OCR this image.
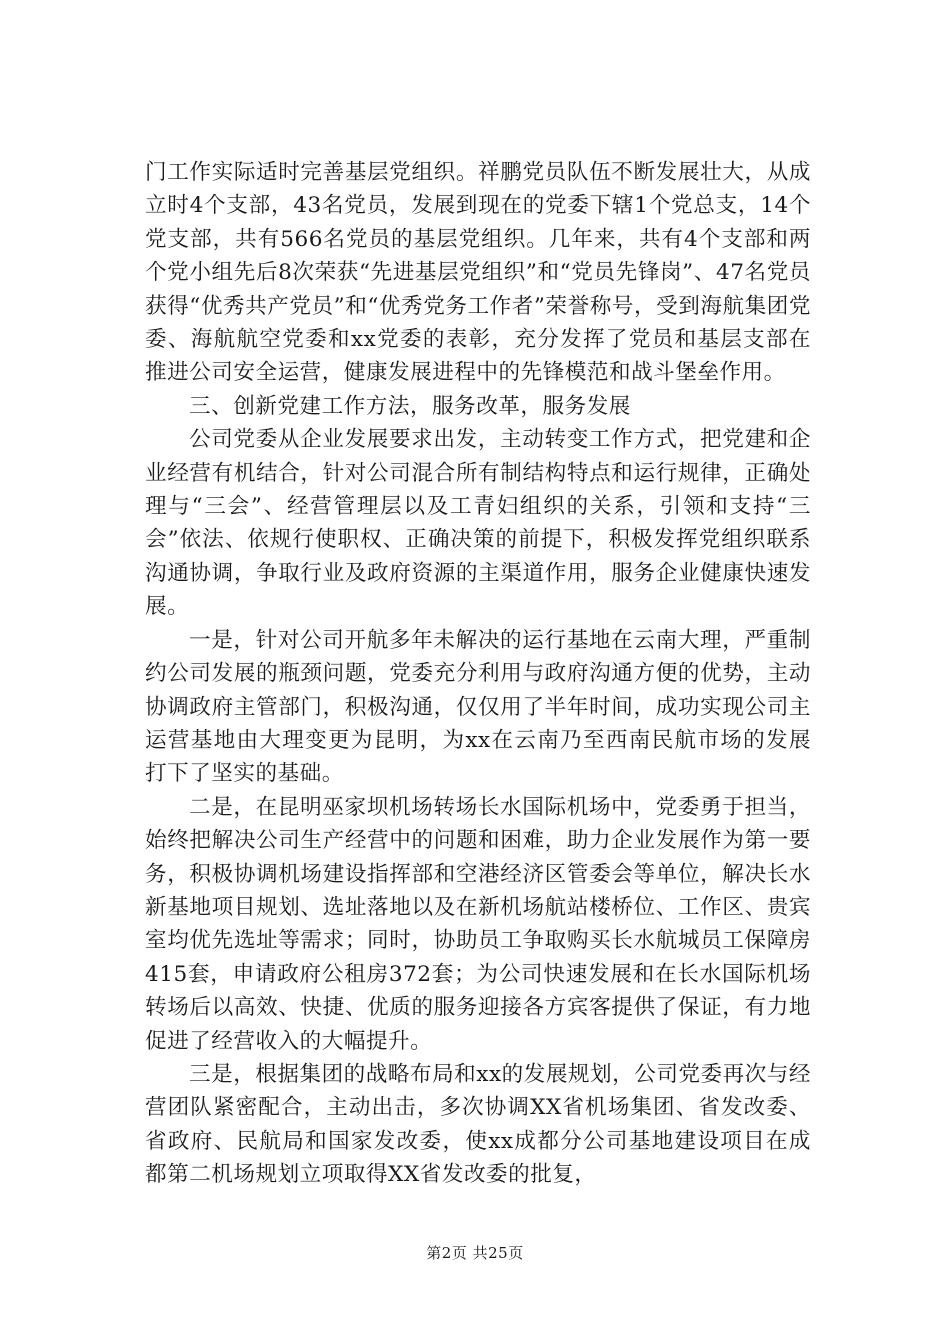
门工作实际适时完善基层党组织。祥鹏党员队伍不断发展壮大，从成立时4个支部，43名党员，发展到现在的党委下辖1个党总支，14个党支部，共有566名党员的基层党组织。几年来，共有4个支部和两个党小组先后8次荣获“先进基层党组织”和“党员先锋岗”、47名党员获得“优秀共产党员”和“优秀党务工作者”荣誉称号，受到海航集团党委、海航航空党委和xx党委的表彰，充分发挥了党员和基层支部在推进公司安全运营，健康发展进程中的先锋模范和战斗堡垒作用。

三、创新党建工作方法，服务改革，服务发展

公司党委从企业发展要求出发，主动转变工作方式，把党建和企业经营有机结合，针对公司混合所有制结构特点和运行规律，正确处理与“三会”、经营管理层以及工青妇组织的关系，引领和支持“三会”依法、依规行使职权、正确决策的前提下，积极发挥党组织联系沟通协调，争取行业及政府资源的主渠道作用，服务企业健康快速发展。

一是，针对公司开航多年未解决的运行基地在云南大理，严重制约公司发展的瓶颈问题，党委充分利用与政府沟通方便的优势，主动协调政府主管部门，积极沟通，仅仅用了半年时间，成功实现公司主运营基地由大理变更为昆明，为xx在云南乃至西南民航市场的发展打下了坚实的基础。

二是，在昆明巫家坝机场转场长水国际机场中，党委勇于担当，始终把解决公司生产经营中的问题和困难，助力企业发展作为第一要务，积极协调机场建设指挥部和空港经济区管委会等单位，解决长水新基地项目规划、选址落地以及在新机场航站楼桥位、工作区、贵宾室均优先选址等需求；同时，协助员工争取购买长水航城员工保障房415套，申请政府公租房372套；为公司快速发展和在长水国际机场转场后以高效、快捷、优质的服务迎接各方宾客提供了保证，有力地促进了经营收入的大幅提升。

三是，根据集团的战略布局和xx的发展规划，公司党委再次与经营团队紧密配合，主动出击，多次协调XX省机场集团、省发改委、省政府、民航局和国家发改委，使xx成都分公司基地建设项目在成都第二机场规划立项取得XX省发改委的批复，

第2页 共25页
